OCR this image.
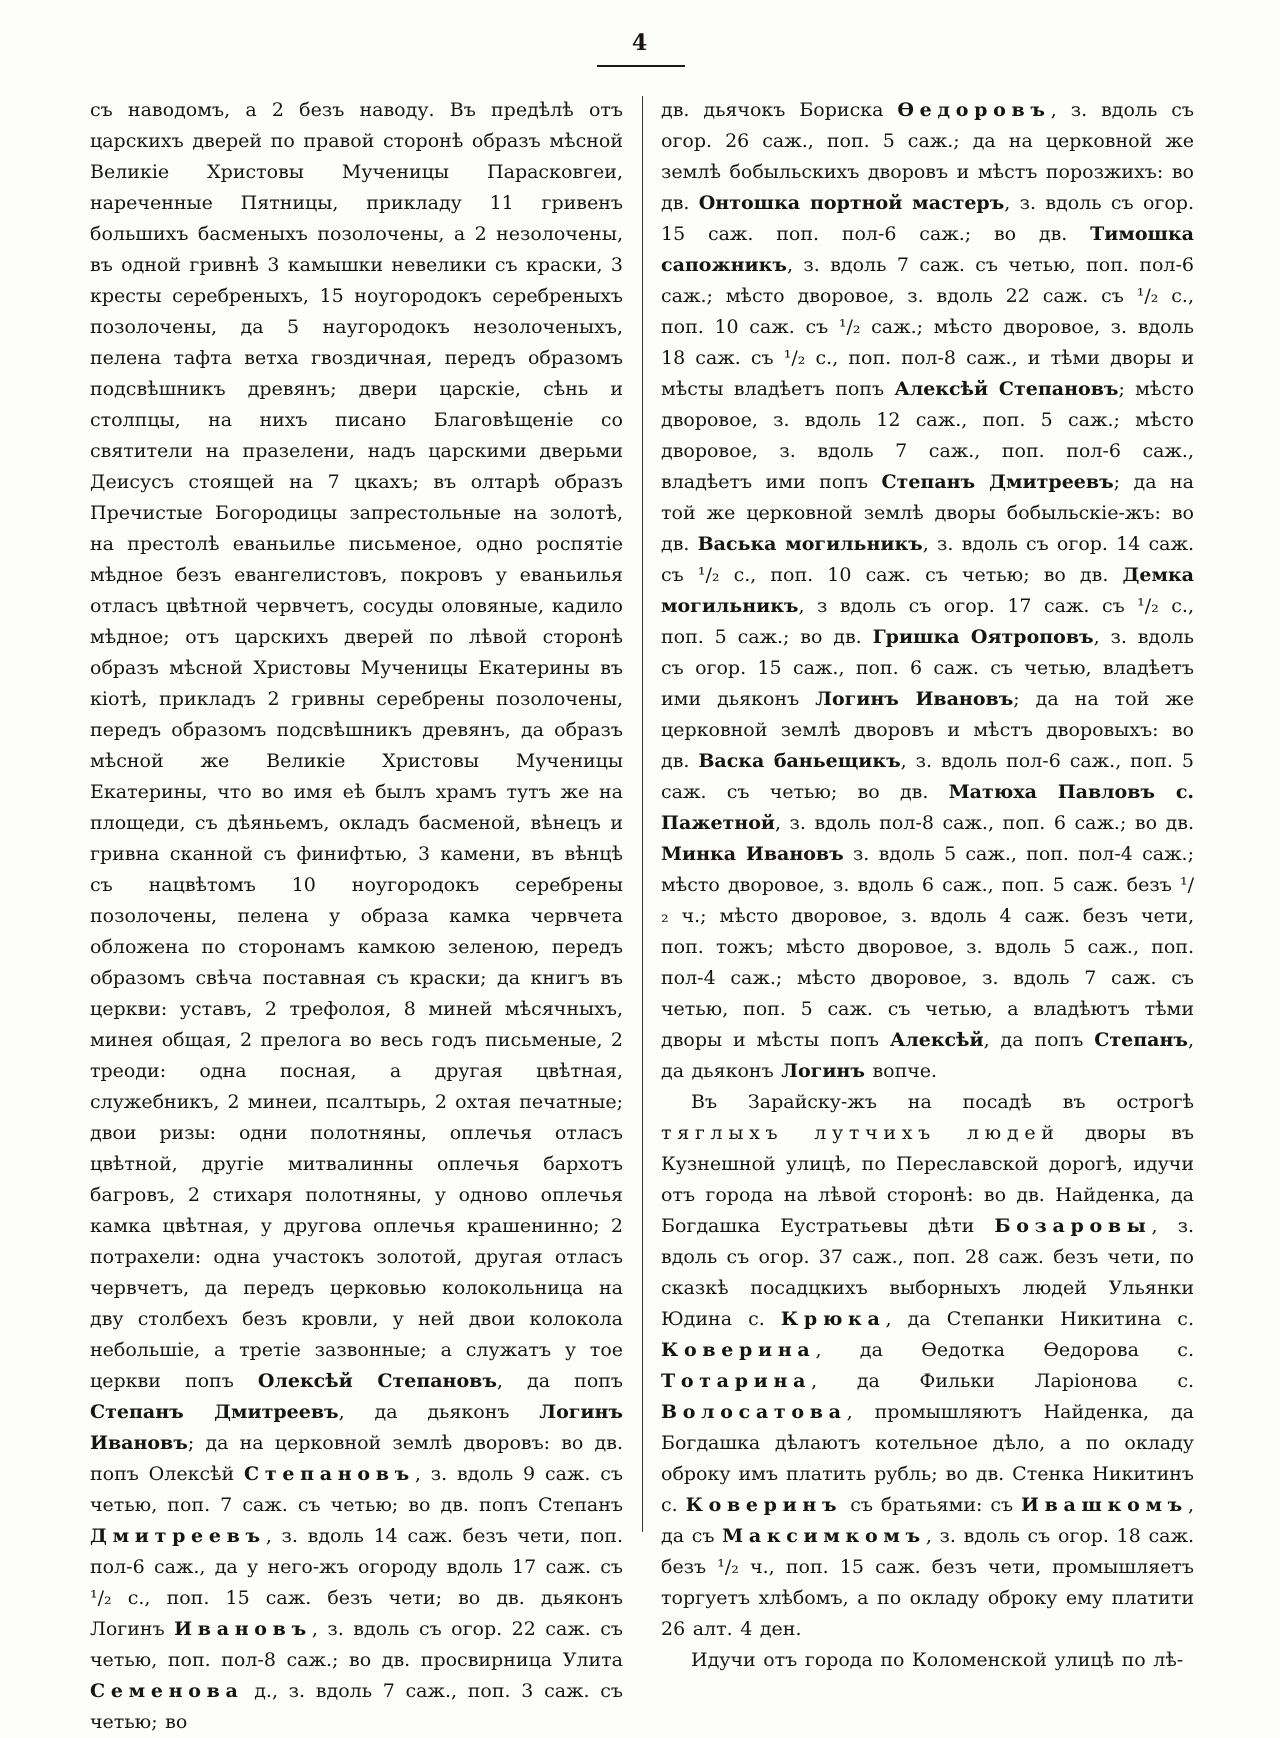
4

съ наводомъ, а 2 безъ наводу. Въ предѣлѣ отъ царскихъ дверей по правой сторонѣ образъ мѣсной Великіе Христовы Мученицы Парасковгеи, нареченные Пятницы, прикладу 11 гривенъ большихъ басменыхъ позолочены, а 2 незолочены, въ одной гривнѣ 3 камышки невелики съ краски, 3 кресты серебреныхъ, 15 ноугородокъ серебреныхъ позолочены, да 5 наугородокъ незолоченыхъ, пелена тафта ветха гвоздичная, передъ образомъ подсвѣшникъ древянъ; двери царскіе, сѣнь и столпцы, на нихъ писано Благовѣщеніе со святители на празелени, надъ царскими дверьми Деисусъ стоящей на 7 цкахъ; въ олтарѣ образъ Пречистые Богородицы запрестольные на золотѣ, на престолѣ еваньилье письменое, одно роспятіе мѣдное безъ евангелистовъ, покровъ у еваньилья отласъ цвѣтной червчетъ, сосуды оловяные, кадило мѣдное; отъ царскихъ дверей по лѣвой сторонѣ образъ мѣсной Христовы Мученицы Екатерины въ кіотѣ, прикладъ 2 гривны серебрены позолочены, передъ образомъ подсвѣшникъ древянъ, да образъ мѣсной же Великіе Христовы Мученицы Екатерины, что во имя еѣ былъ храмъ тутъ же на площеди, съ дѣяньемъ, окладъ басменой, вѣнецъ и гривна сканной съ финифтью, 3 камени, въ вѣнцѣ съ нацвѣтомъ 10 ноугородокъ серебрены позолочены, пелена у образа камка червчета обложена по сторонамъ камкою зеленою, передъ образомъ свѣча поставная съ краски; да книгъ въ церкви: уставъ, 2 трефолоя, 8 миней мѣсячныхъ, минея общая, 2 прелога во весь годъ письменые, 2 треоди: одна посная, а другая цвѣтная, служебникъ, 2 минеи, псалтырь, 2 охтая печатные; двои ризы: одни полотняны, оплечья отласъ цвѣтной, другіе митвалинны оплечья бархотъ багровъ, 2 стихаря полотняны, у одново оплечья камка цвѣтная, у другова оплечья крашенинно; 2 потрахели: одна участокъ золотой, другая отласъ червчетъ, да передъ церковью колокольница на дву столбехъ безъ кровли, у ней двои колокола небольшіе, а третіе зазвонные; а служатъ у тое церкви попъ Олексѣй Степановъ, да попъ Степанъ Дмитреевъ, да дьяконъ Логинъ Ивановъ; да на церковной землѣ дворовъ: во дв. попъ Олексѣй Степановъ, з. вдоль 9 саж. съ четью, поп. 7 саж. съ четью; во дв. попъ Степанъ Дмитреевъ, з. вдоль 14 саж. безъ чети, поп. пол-6 саж., да у него-жъ огороду вдоль 17 саж. съ ¹/₂ с., поп. 15 саж. безъ чети; во дв. дьяконъ Логинъ Ивановъ, з. вдоль съ огор. 22 саж. съ четью, поп. пол-8 саж.; во дв. просвирница Улита Семенова д., з. вдоль 7 саж., поп. 3 саж. съ четью; во

дв. дьячокъ Бориска Ѳедоровъ, з. вдоль съ огор. 26 саж., поп. 5 саж.; да на церковной же землѣ бобыльскихъ дворовъ и мѣстъ порозжихъ: во дв. Онтошка портной мастеръ, з. вдоль съ огор. 15 саж. поп. пол-6 саж.; во дв. Тимошка сапожникъ, з. вдоль 7 саж. съ четью, поп. пол-6 саж.; мѣсто дворовое, з. вдоль 22 саж. съ ¹/₂ с., поп. 10 саж. съ ¹/₂ саж.; мѣсто дворовое, з. вдоль 18 саж. съ ¹/₂ с., поп. пол-8 саж., и тѣми дворы и мѣсты владѣетъ попъ Алексѣй Степановъ; мѣсто дворовое, з. вдоль 12 саж., поп. 5 саж.; мѣсто дворовое, з. вдоль 7 саж., поп. пол-6 саж., владѣетъ ими попъ Степанъ Дмитреевъ; да на той же церковной землѣ дворы бобыльскіе-жъ: во дв. Васька могильникъ, з. вдоль съ огор. 14 саж. съ ¹/₂ с., поп. 10 саж. съ четью; во дв. Демка могильникъ, з вдоль съ огор. 17 саж. съ ¹/₂ с., поп. 5 саж.; во дв. Гришка Оятроповъ, з. вдоль съ огор. 15 саж., поп. 6 саж. съ четью, владѣетъ ими дьяконъ Логинъ Ивановъ; да на той же церковной землѣ дворовъ и мѣстъ дворовыхъ: во дв. Васка баньещикъ, з. вдоль пол-6 саж., поп. 5 саж. съ четью; во дв. Матюха Павловъ с. Пажетной, з. вдоль пол-8 саж., поп. 6 саж.; во дв. Минка Ивановъ з. вдоль 5 саж., поп. пол-4 саж.; мѣсто дворовое, з. вдоль 6 саж., поп. 5 саж. безъ ¹/₂ ч.; мѣсто дворовое, з. вдоль 4 саж. безъ чети, поп. тожъ; мѣсто дворовое, з. вдоль 5 саж., поп. пол-4 саж.; мѣсто дворовое, з. вдоль 7 саж. съ четью, поп. 5 саж. съ четью, а владѣютъ тѣми дворы и мѣсты попъ Алексѣй, да попъ Степанъ, да дьяконъ Логинъ вопче.

Въ Зарайску-жъ на посадѣ въ острогѣ тяглыхъ лутчихъ людей дворы въ Кузнешной улицѣ, по Переславской дорогѣ, идучи отъ города на лѣвой сторонѣ: во дв. Найденка, да Богдашка Еустратьевы дѣти Бозаровы, з. вдоль съ огор. 37 саж., поп. 28 саж. безъ чети, по сказкѣ посадцкихъ выборныхъ людей Ульянки Юдина с. Крюка, да Степанки Никитина с. Коверина, да Ѳедотка Ѳедорова с. Тотарина, да Фильки Ларіонова с. Волосатова, промышляютъ Найденка, да Богдашка дѣлаютъ котельное дѣло, а по окладу оброку имъ платить рубль; во дв. Стенка Никитинъ с. Коверинъ съ братьями: съ Ивашкомъ, да съ Максимкомъ, з. вдоль съ огор. 18 саж. безъ ¹/₂ ч., поп. 15 саж. безъ чети, промышляетъ торгуетъ хлѣбомъ, а по окладу оброку ему платити 26 алт. 4 ден.

Идучи отъ города по Коломенской улицѣ по лѣ-
